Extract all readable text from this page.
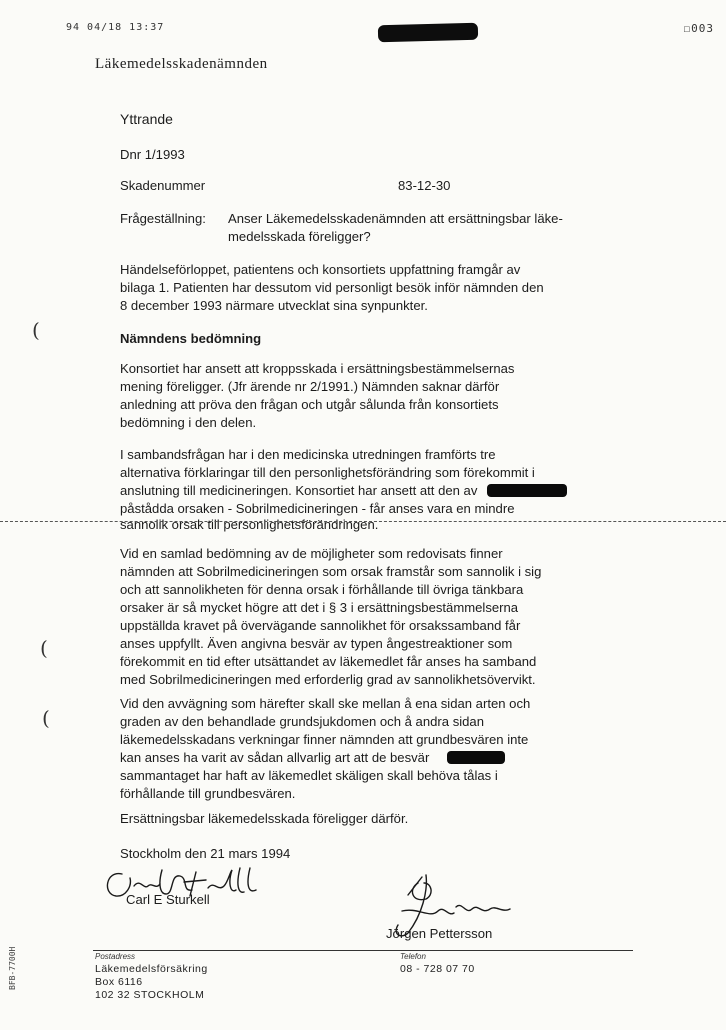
94 04/18 13:37	☐003
Läkemedelsskadenämnden
Yttrande
Dnr 1/1993
Skadenummer	83-12-30
Frågeställning: Anser Läkemedelsskadenämnden att ersättningsbar läke-
medelsskada föreligger?
Händelseförloppet, patientens och konsortiets uppfattning framgår av
bilaga 1. Patienten har dessutom vid personligt besök inför nämnden den
8 december 1993 närmare utvecklat sina synpunkter.
Nämndens bedömning
Konsortiet har ansett att kroppsskada i ersättningsbestämmelsernas
mening föreligger. (Jfr ärende nr 2/1991.) Nämnden saknar därför
anledning att pröva den frågan och utgår sålunda från konsortiets
bedömning i den delen.
I sambandsfrågan har i den medicinska utredningen framförts tre
alternativa förklaringar till den personlighetsförändring som förekommit i
anslutning till medicineringen. Konsortiet har ansett att den av
påstådda orsaken - Sobrilmedicineringen - får anses vara en mindre
sannolik orsak till personlighetsförändringen.
Vid en samlad bedömning av de möjligheter som redovisats finner
nämnden att Sobrilmedicineringen som orsak framstår som sannolik i sig
och att sannolikheten för denna orsak i förhållande till övriga tänkbara
orsaker är så mycket högre att det i § 3 i ersättningsbestämmelserna
uppställda kravet på övervägande sannolikhet för orsakssamband får
anses uppfyllt. Även angivna besvär av typen ångestreaktioner som
förekommit en tid efter utsättandet av läkemedlet får anses ha samband
med Sobrilmedicineringen med erforderlig grad av sannolikhetsövervikt.
Vid den avvägning som härefter skall ske mellan å ena sidan arten och
graden av den behandlade grundsjukdomen och å andra sidan
läkemedelsskadans verkningar finner nämnden att grundbesvären inte
kan anses ha varit av sådan allvarlig art att de besvär
sammantaget har haft av läkemedlet skäligen skall behöva tålas i
förhållande till grundbesvären.
Ersättningsbar läkemedelsskada föreligger därför.
Stockholm den 21 mars 1994
Carl E Sturkell
Jörgen Pettersson
(
(
(
BFB-7700H	Postadress
Läkemedelsförsäkring
Box 6116
102 32 STOCKHOLM
Telefon
08 - 728 07 70
